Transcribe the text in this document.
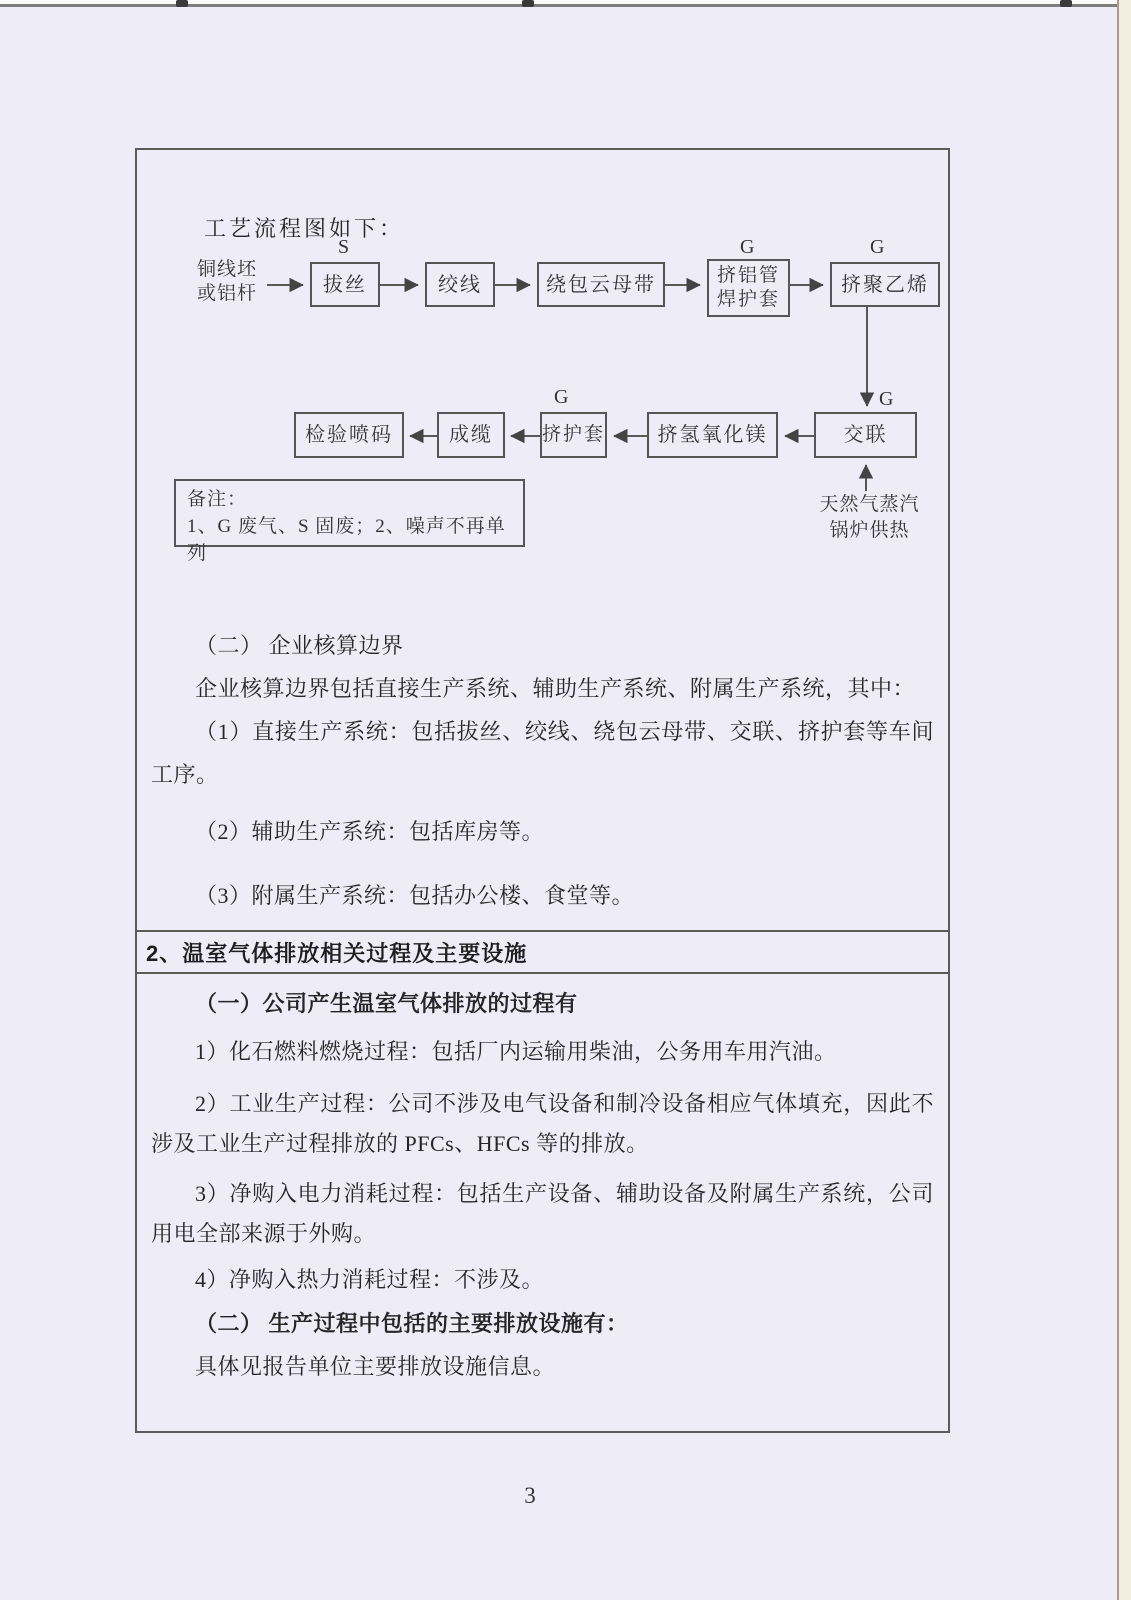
工艺流程图如下：
铜线坯
或铝杆
S	G	G
拔丝	绞线	绕包云母带	挤铝管
焊护套
挤聚乙烯
G
G
检验喷码	成缆	挤护套	挤氢氧化镁	交联
天然气蒸汽
锅炉供热
备注：
1、G 废气、S 固废；2、噪声不再单列

（二） 企业核算边界

企业核算边界包括直接生产系统、辅助生产系统、附属生产系统，其中：

（1）直接生产系统：包括拔丝、绞线、绕包云母带、交联、挤护套等车间工序。

（2）辅助生产系统：包括库房等。

（3）附属生产系统：包括办公楼、食堂等。

2、温室气体排放相关过程及主要设施

（一）公司产生温室气体排放的过程有

1）化石燃料燃烧过程：包括厂内运输用柴油，公务用车用汽油。

2）工业生产过程：公司不涉及电气设备和制冷设备相应气体填充，因此不涉及工业生产过程排放的 PFCs、HFCs 等的排放。

3）净购入电力消耗过程：包括生产设备、辅助设备及附属生产系统，公司用电全部来源于外购。

4）净购入热力消耗过程：不涉及。

（二） 生产过程中包括的主要排放设施有：

具体见报告单位主要排放设施信息。

3
